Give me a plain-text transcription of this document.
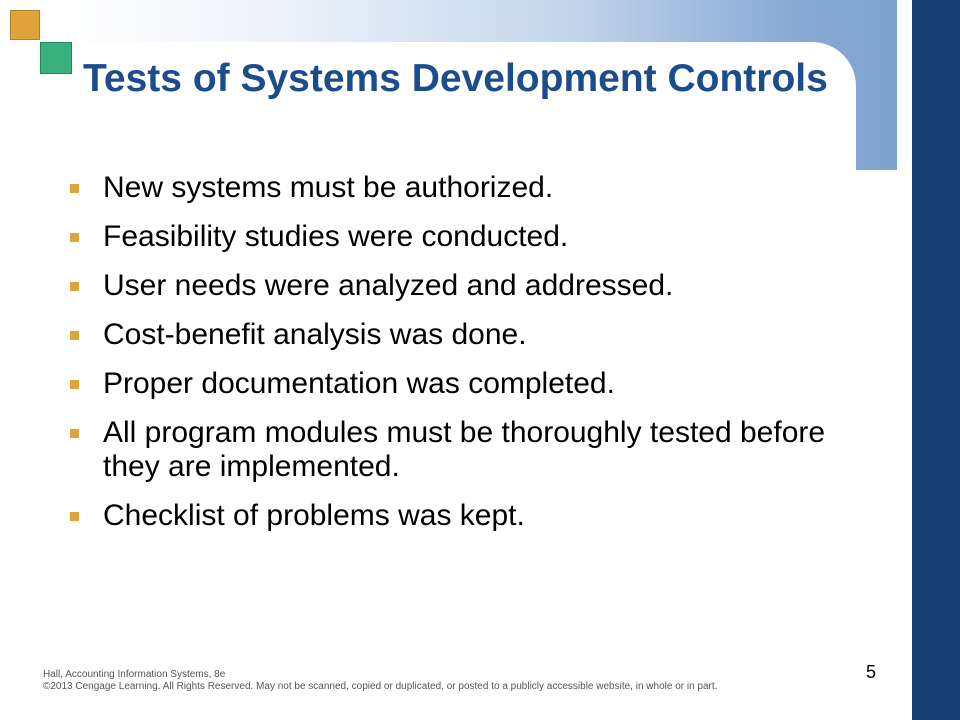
Tests of Systems Development Controls
New systems must be authorized.
Feasibility studies were conducted.
User needs were analyzed and addressed.
Cost-benefit analysis was done.
Proper documentation was completed.
All program modules must be thoroughly tested before they are implemented.
Checklist of problems was kept.
Hall, Accounting Information Systems, 8e
©2013 Cengage Learning. All Rights Reserved. May not be scanned, copied or duplicated, or posted to a publicly accessible website, in whole or in part.
5
